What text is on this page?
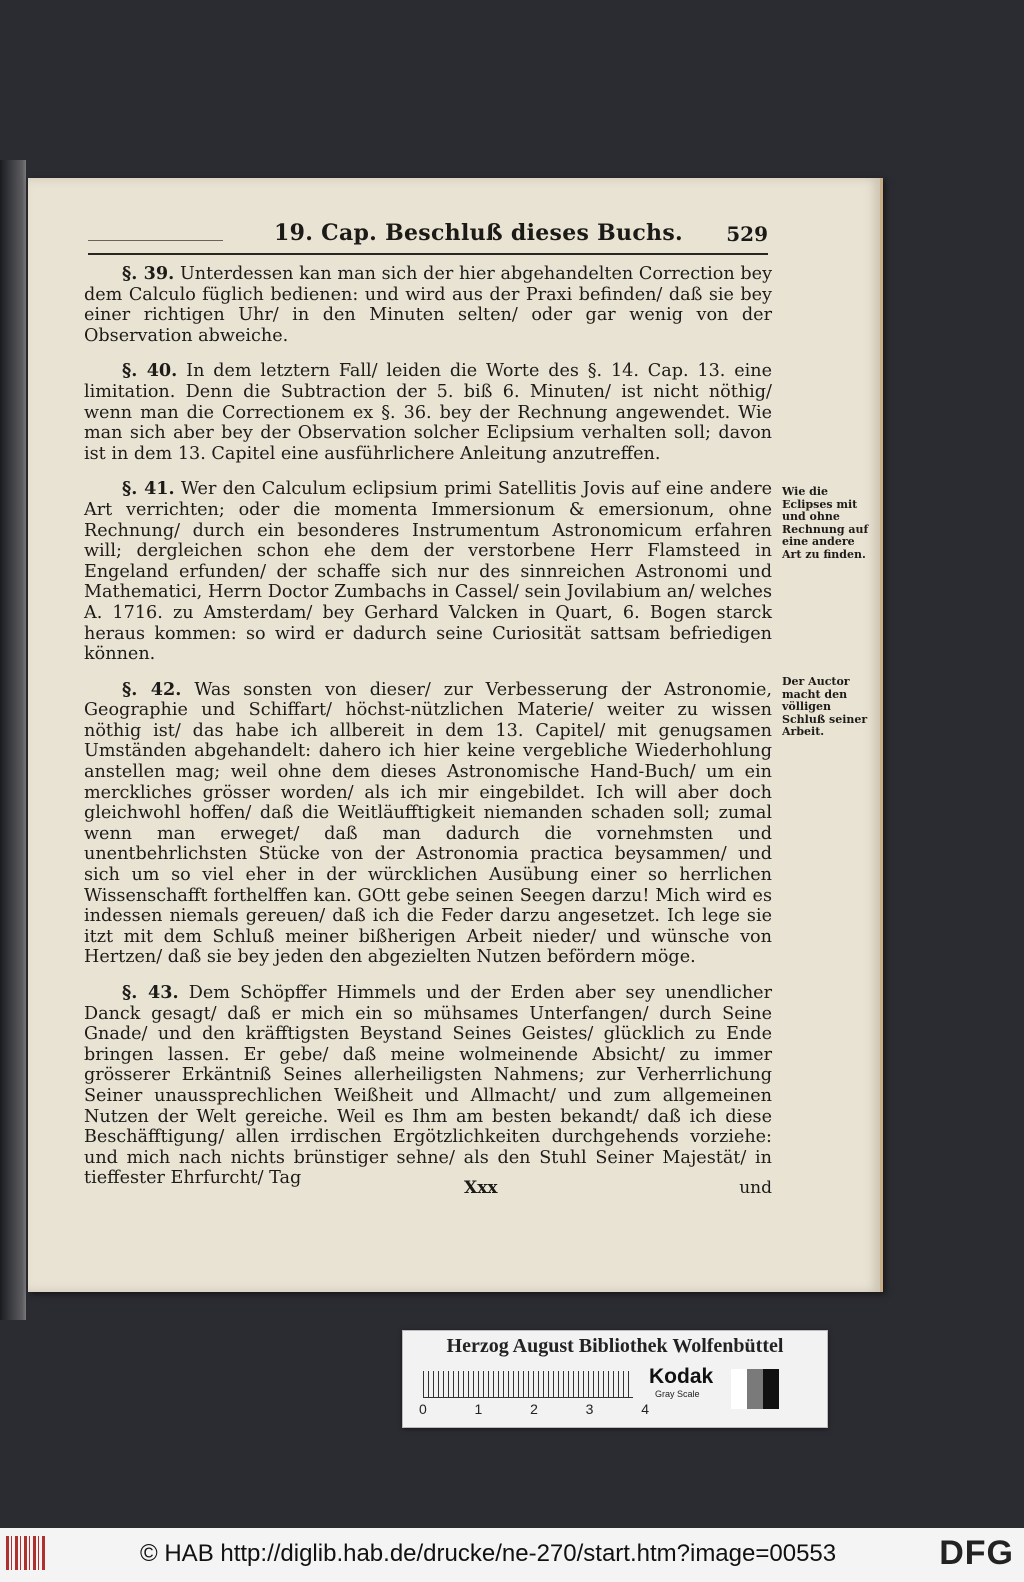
19. Cap. Beschluß dieses Buchs. 529

§. 39. Unterdessen kan man sich der hier abgehandelten Correction bey dem Calculo füglich bedienen: und wird aus der Praxi befinden/ daß sie bey einer richtigen Uhr/ in den Minuten selten/ oder gar wenig von der Observation abweiche.

§. 40. In dem letztern Fall/ leiden die Worte des §. 14. Cap. 13. eine limitation. Denn die Subtraction der 5. biß 6. Minuten/ ist nicht nöthig/ wenn man die Correctionem ex §. 36. bey der Rechnung angewendet. Wie man sich aber bey der Observation solcher Eclipsium verhalten soll; davon ist in dem 13. Capitel eine ausführlichere Anleitung anzutreffen.

§. 41. Wer den Calculum eclipsium primi Satellitis Jovis auf eine andere Art verrichten; oder die momenta Immersionum & emersionum, ohne Rechnung/ durch ein besonderes Instrumentum Astronomicum erfahren will; dergleichen schon ehe dem der verstorbene Herr Flamsteed in Engeland erfunden/ der schaffe sich nur des sinnreichen Astronomi und Mathematici, Herrn Doctor Zumbachs in Cassel/ sein Jovilabium an/ welches A. 1716. zu Amsterdam/ bey Gerhard Valcken in Quart, 6. Bogen starck heraus kommen: so wird er dadurch seine Curiosität sattsam befriedigen können.

§. 42. Was sonsten von dieser/ zur Verbesserung der Astronomie, Geographie und Schiffart/ höchst-nützlichen Materie/ weiter zu wissen nöthig ist/ das habe ich allbereit in dem 13. Capitel/ mit genugsamen Umständen abgehandelt: dahero ich hier keine vergebliche Wiederhohlung anstellen mag; weil ohne dem dieses Astronomische Hand-Buch/ um ein merckliches grösser worden/ als ich mir eingebildet. Ich will aber doch gleichwohl hoffen/ daß die Weitläufftigkeit niemanden schaden soll; zumal wenn man erweget/ daß man dadurch die vornehmsten und unentbehrlichsten Stücke von der Astronomia practica beysammen/ und sich um so viel eher in der würcklichen Ausübung einer so herrlichen Wissenschafft forthelffen kan. GOtt gebe seinen Seegen darzu! Mich wird es indessen niemals gereuen/ daß ich die Feder darzu angesetzet. Ich lege sie itzt mit dem Schluß meiner bißherigen Arbeit nieder/ und wünsche von Hertzen/ daß sie bey jeden den abgezielten Nutzen befördern möge.

§. 43. Dem Schöpffer Himmels und der Erden aber sey unendlicher Danck gesagt/ daß er mich ein so mühsames Unterfangen/ durch Seine Gnade/ und den kräfftigsten Beystand Seines Geistes/ glücklich zu Ende bringen lassen. Er gebe/ daß meine wolmeinende Absicht/ zu immer grösserer Erkäntniß Seines allerheiligsten Nahmens; zur Verherrlichung Seiner unaussprechlichen Weißheit und Allmacht/ und zum allgemeinen Nutzen der Welt gereiche. Weil es Ihm am besten bekandt/ daß ich diese Beschäfftigung/ allen irrdischen Ergötzlichkeiten durchgehends vorziehe: und mich nach nichts brünstiger sehne/ als den Stuhl Seiner Majestät/ in tieffester Ehrfurcht/ Tag

Wie die Eclipses mit und ohne Rechnung auf eine andere Art zu finden.
Der Auctor macht den völligen Schluß seiner Arbeit.
Xxx	und
Herzog August Bibliothek Wolfenbüttel
0	1	2	3	4
Kodak
Gray Scale
© HAB http://diglib.hab.de/drucke/ne-270/start.htm?image=00553	DFG
